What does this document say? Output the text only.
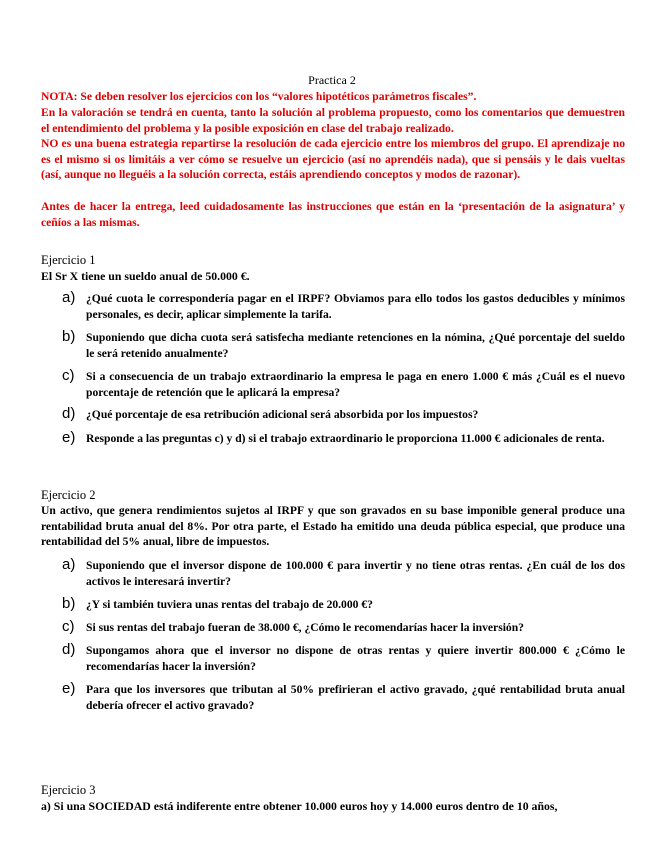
Practica 2

NOTA: Se deben resolver los ejercicios con los “valores hipotéticos parámetros fiscales”.

En la valoración se tendrá en cuenta, tanto la solución al problema propuesto, como los comentarios que demuestren el entendimiento del problema y la posible exposición en clase del trabajo realizado.

NO es una buena estrategia repartirse la resolución de cada ejercicio entre los miembros del grupo. El aprendizaje no es el mismo si os limitáis a ver cómo se resuelve un ejercicio (así no aprendéis nada), que si pensáis y le dais vueltas (así, aunque no lleguéis a la solución correcta, estáis aprendiendo conceptos y modos de razonar).

Antes de hacer la entrega, leed cuidadosamente las instrucciones que están en la ‘presentación de la asignatura’ y ceñíos a las mismas.

Ejercicio 1
El Sr X tiene un sueldo anual de 50.000 €.
a) ¿Qué cuota le correspondería pagar en el IRPF? Obviamos para ello todos los gastos deducibles y mínimos personales, es decir, aplicar simplemente la tarifa.
b) Suponiendo que dicha cuota será satisfecha mediante retenciones en la nómina, ¿Qué porcentaje del sueldo le será retenido anualmente?
c) Si a consecuencia de un trabajo extraordinario la empresa le paga en enero 1.000 € más ¿Cuál es el nuevo porcentaje de retención que le aplicará la empresa?
d) ¿Qué porcentaje de esa retribución adicional será absorbida por los impuestos?
e) Responde a las preguntas c) y d) si el trabajo extraordinario le proporciona 11.000 € adicionales de renta.
Ejercicio 2

Un activo, que genera rendimientos sujetos al IRPF y que son gravados en su base imponible general produce una rentabilidad bruta anual del 8%. Por otra parte, el Estado ha emitido una deuda pública especial, que produce una rentabilidad del 5% anual, libre de impuestos.

a) Suponiendo que el inversor dispone de 100.000 € para invertir y no tiene otras rentas. ¿En cuál de los dos activos le interesará invertir?
b) ¿Y si también tuviera unas rentas del trabajo de 20.000 €?
c) Si sus rentas del trabajo fueran de 38.000 €, ¿Cómo le recomendarías hacer la inversión?
d) Supongamos ahora que el inversor no dispone de otras rentas y quiere invertir 800.000 € ¿Cómo le recomendarías hacer la inversión?
e) Para que los inversores que tributan al 50% prefirieran el activo gravado, ¿qué rentabilidad bruta anual debería ofrecer el activo gravado?
Ejercicio 3
a) Si una SOCIEDAD está indiferente entre obtener 10.000 euros hoy y 14.000 euros dentro de 10 años,
